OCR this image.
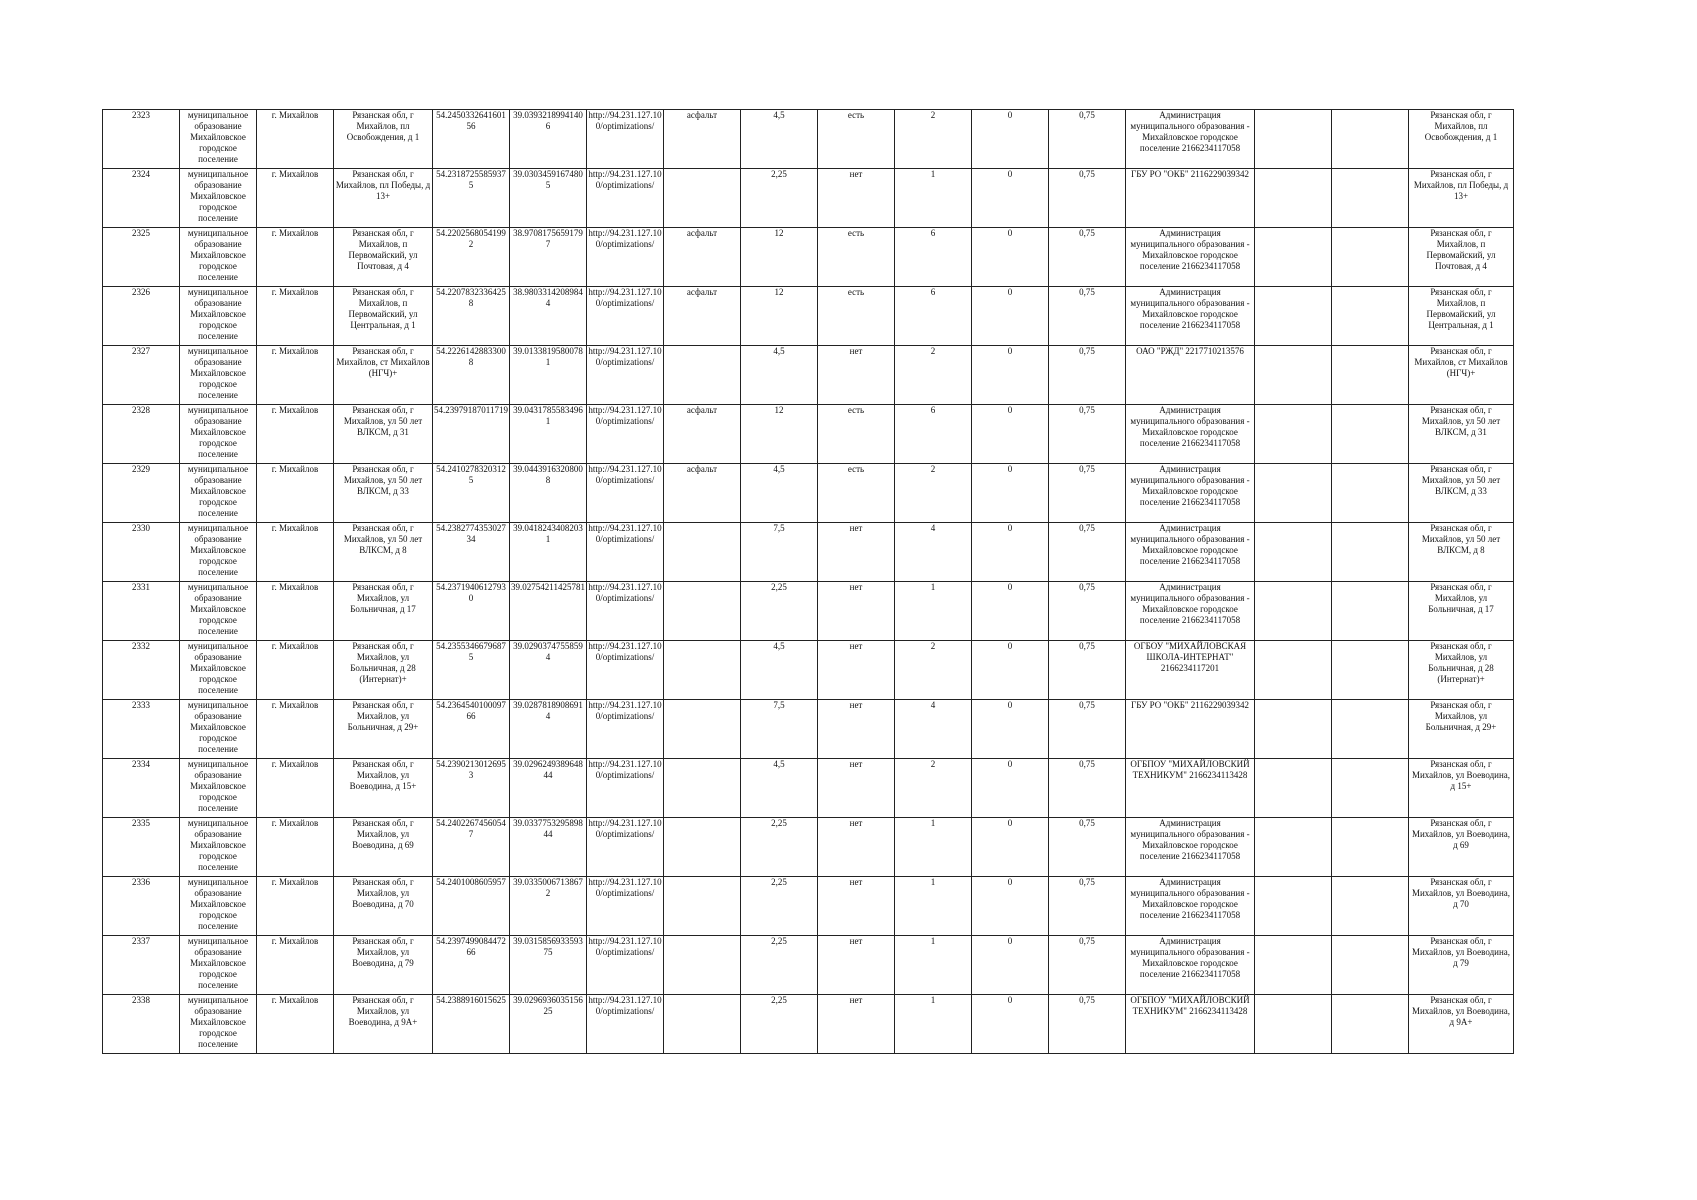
2323	муниципальное образование Михайловское городское поселение	г. Михайлов	Рязанская обл, г Михайлов, пл Освобождения, д 1	54.245033264160156	39.03932189941406	http://94.231.127.100/optimizations/	асфальт	4,5	есть	2	0	0,75	Администрация муниципального образования - Михайловское городское поселение 2166234117058			Рязанская обл, г Михайлов, пл Освобождения, д 1
2324	муниципальное образование Михайловское городское поселение	г. Михайлов	Рязанская обл, г Михайлов, пл Победы, д 13+	54.23187255859375	39.03034591674805	http://94.231.127.100/optimizations/		2,25	нет	1	0	0,75	ГБУ РО "ОКБ" 2116229039342			Рязанская обл, г Михайлов, пл Победы, д 13+
2325	муниципальное образование Михайловское городское поселение	г. Михайлов	Рязанская обл, г Михайлов, п Первомайский, ул Почтовая, д 4	54.22025680541992	38.97081756591797	http://94.231.127.100/optimizations/	асфальт	12	есть	6	0	0,75	Администрация муниципального образования - Михайловское городское поселение 2166234117058			Рязанская обл, г Михайлов, п Первомайский, ул Почтовая, д 4
2326	муниципальное образование Михайловское городское поселение	г. Михайлов	Рязанская обл, г Михайлов, п Первомайский, ул Центральная, д 1	54.22078323364258	38.98033142089844	http://94.231.127.100/optimizations/	асфальт	12	есть	6	0	0,75	Администрация муниципального образования - Михайловское городское поселение 2166234117058			Рязанская обл, г Михайлов, п Первомайский, ул Центральная, д 1
2327	муниципальное образование Михайловское городское поселение	г. Михайлов	Рязанская обл, г Михайлов, ст Михайлов (НГЧ)+	54.22261428833008	39.01338195800781	http://94.231.127.100/optimizations/		4,5	нет	2	0	0,75	ОАО "РЖД" 2217710213576			Рязанская обл, г Михайлов, ст Михайлов (НГЧ)+
2328	муниципальное образование Михайловское городское поселение	г. Михайлов	Рязанская обл, г Михайлов, ул 50 лет ВЛКСМ, д 31	54.23979187011719	39.04317855834961	http://94.231.127.100/optimizations/	асфальт	12	есть	6	0	0,75	Администрация муниципального образования - Михайловское городское поселение 2166234117058			Рязанская обл, г Михайлов, ул 50 лет ВЛКСМ, д 31
2329	муниципальное образование Михайловское городское поселение	г. Михайлов	Рязанская обл, г Михайлов, ул 50 лет ВЛКСМ, д 33	54.24102783203125	39.04439163208008	http://94.231.127.100/optimizations/	асфальт	4,5	есть	2	0	0,75	Администрация муниципального образования - Михайловское городское поселение 2166234117058			Рязанская обл, г Михайлов, ул 50 лет ВЛКСМ, д 33
2330	муниципальное образование Михайловское городское поселение	г. Михайлов	Рязанская обл, г Михайлов, ул 50 лет ВЛКСМ, д 8	54.238277435302734	39.04182434082031	http://94.231.127.100/optimizations/		7,5	нет	4	0	0,75	Администрация муниципального образования - Михайловское городское поселение 2166234117058			Рязанская обл, г Михайлов, ул 50 лет ВЛКСМ, д 8
2331	муниципальное образование Михайловское городское поселение	г. Михайлов	Рязанская обл, г Михайлов, ул Больничная, д 17	54.23719406127930	39.02754211425781	http://94.231.127.100/optimizations/		2,25	нет	1	0	0,75	Администрация муниципального образования - Михайловское городское поселение 2166234117058			Рязанская обл, г Михайлов, ул Больничная, д 17
2332	муниципальное образование Михайловское городское поселение	г. Михайлов	Рязанская обл, г Михайлов, ул Больничная, д 28 (Интернат)+	54.23553466796875	39.02903747558594	http://94.231.127.100/optimizations/		4,5	нет	2	0	0,75	ОГБОУ "МИХАЙЛОВСКАЯ ШКОЛА-ИНТЕРНАТ" 2166234117201			Рязанская обл, г Михайлов, ул Больничная, д 28 (Интернат)+
2333	муниципальное образование Михайловское городское поселение	г. Михайлов	Рязанская обл, г Михайлов, ул Больничная, д 29+	54.236454010009766	39.02878189086914	http://94.231.127.100/optimizations/		7,5	нет	4	0	0,75	ГБУ РО "ОКБ" 2116229039342			Рязанская обл, г Михайлов, ул Больничная, д 29+
2334	муниципальное образование Михайловское городское поселение	г. Михайлов	Рязанская обл, г Михайлов, ул Воеводина, д 15+	54.23902130126953	39.029624938964844	http://94.231.127.100/optimizations/		4,5	нет	2	0	0,75	ОГБПОУ "МИХАЙЛОВСКИЙ ТЕХНИКУМ" 2166234113428			Рязанская обл, г Михайлов, ул Воеводина, д 15+
2335	муниципальное образование Михайловское городское поселение	г. Михайлов	Рязанская обл, г Михайлов, ул Воеводина, д 69	54.24022674560547	39.033775329589844	http://94.231.127.100/optimizations/		2,25	нет	1	0	0,75	Администрация муниципального образования - Михайловское городское поселение 2166234117058			Рязанская обл, г Михайлов, ул Воеводина, д 69
2336	муниципальное образование Михайловское городское поселение	г. Михайлов	Рязанская обл, г Михайлов, ул Воеводина, д 70	54.2401008605957	39.03350067138672	http://94.231.127.100/optimizations/		2,25	нет	1	0	0,75	Администрация муниципального образования - Михайловское городское поселение 2166234117058			Рязанская обл, г Михайлов, ул Воеводина, д 70
2337	муниципальное образование Михайловское городское поселение	г. Михайлов	Рязанская обл, г Михайлов, ул Воеводина, д 79	54.239749908447266	39.031585693359375	http://94.231.127.100/optimizations/		2,25	нет	1	0	0,75	Администрация муниципального образования - Михайловское городское поселение 2166234117058			Рязанская обл, г Михайлов, ул Воеводина, д 79
2338	муниципальное образование Михайловское городское поселение	г. Михайлов	Рязанская обл, г Михайлов, ул Воеводина, д 9А+	54.2388916015625	39.029693603515625	http://94.231.127.100/optimizations/		2,25	нет	1	0	0,75	ОГБПОУ "МИХАЙЛОВСКИЙ ТЕХНИКУМ" 2166234113428			Рязанская обл, г Михайлов, ул Воеводина, д 9А+
